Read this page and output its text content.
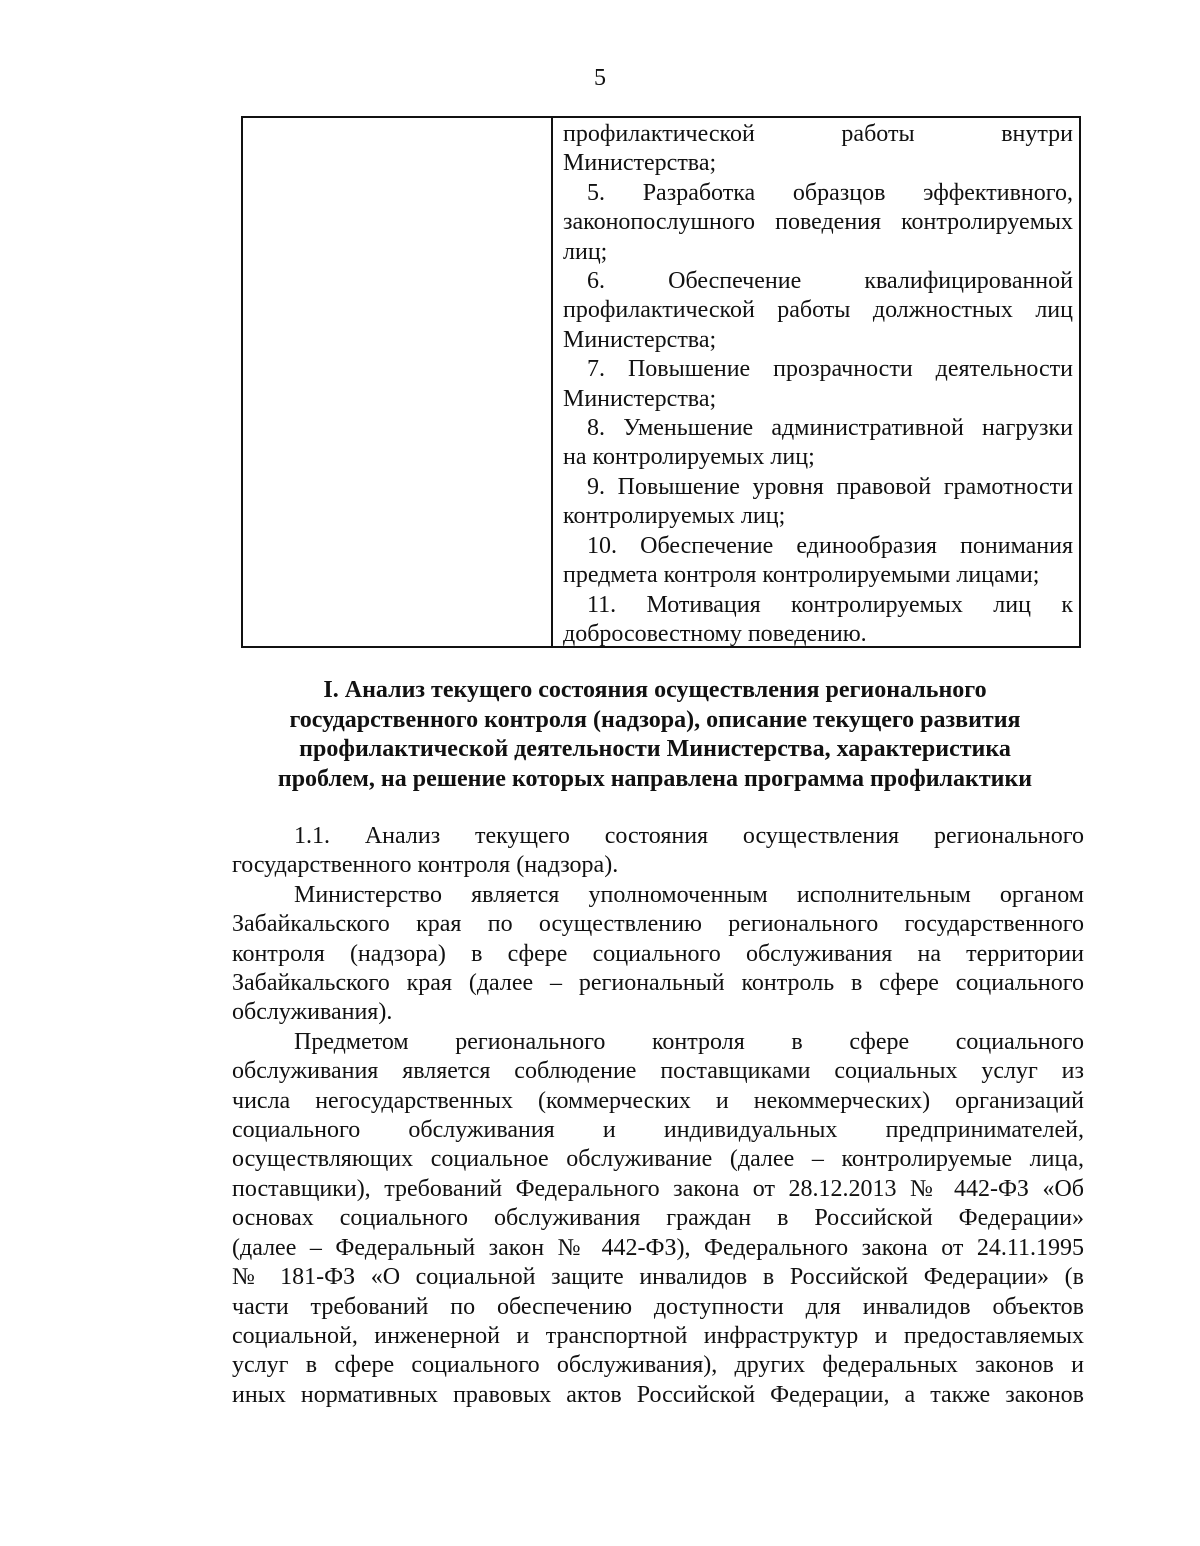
5
профилактической работы внутри
Министерства;
5. Разработка образцов эффективного,
законопослушного поведения контролируемых
лиц;
6. Обеспечение квалифицированной
профилактической работы должностных лиц
Министерства;
7. Повышение прозрачности деятельности
Министерства;
8. Уменьшение административной нагрузки
на контролируемых лиц;
9. Повышение уровня правовой грамотности
контролируемых лиц;
10. Обеспечение единообразия понимания
предмета контроля контролируемыми лицами;
11. Мотивация контролируемых лиц к
добросовестному поведению.
I. Анализ текущего состояния осуществления регионального
государственного контроля (надзора), описание текущего развития
профилактической деятельности Министерства, характеристика
проблем, на решение которых направлена программа профилактики
1.1. Анализ текущего состояния осуществления регионального
государственного контроля (надзора).
Министерство является уполномоченным исполнительным органом
Забайкальского края по осуществлению регионального государственного
контроля (надзора) в сфере социального обслуживания на территории
Забайкальского края (далее – региональный контроль в сфере социального
обслуживания).
Предметом регионального контроля в сфере социального
обслуживания является соблюдение поставщиками социальных услуг из
числа негосударственных (коммерческих и некоммерческих) организаций
социального обслуживания и индивидуальных предпринимателей,
осуществляющих социальное обслуживание (далее – контролируемые лица,
поставщики), требований Федерального закона от 28.12.2013 № 442-ФЗ «Об
основах социального обслуживания граждан в Российской Федерации»
(далее – Федеральный закон № 442-ФЗ), Федерального закона от 24.11.1995
№ 181-ФЗ «О социальной защите инвалидов в Российской Федерации» (в
части требований по обеспечению доступности для инвалидов объектов
социальной, инженерной и транспортной инфраструктур и предоставляемых
услуг в сфере социального обслуживания), других федеральных законов и
иных нормативных правовых актов Российской Федерации, а также законов
